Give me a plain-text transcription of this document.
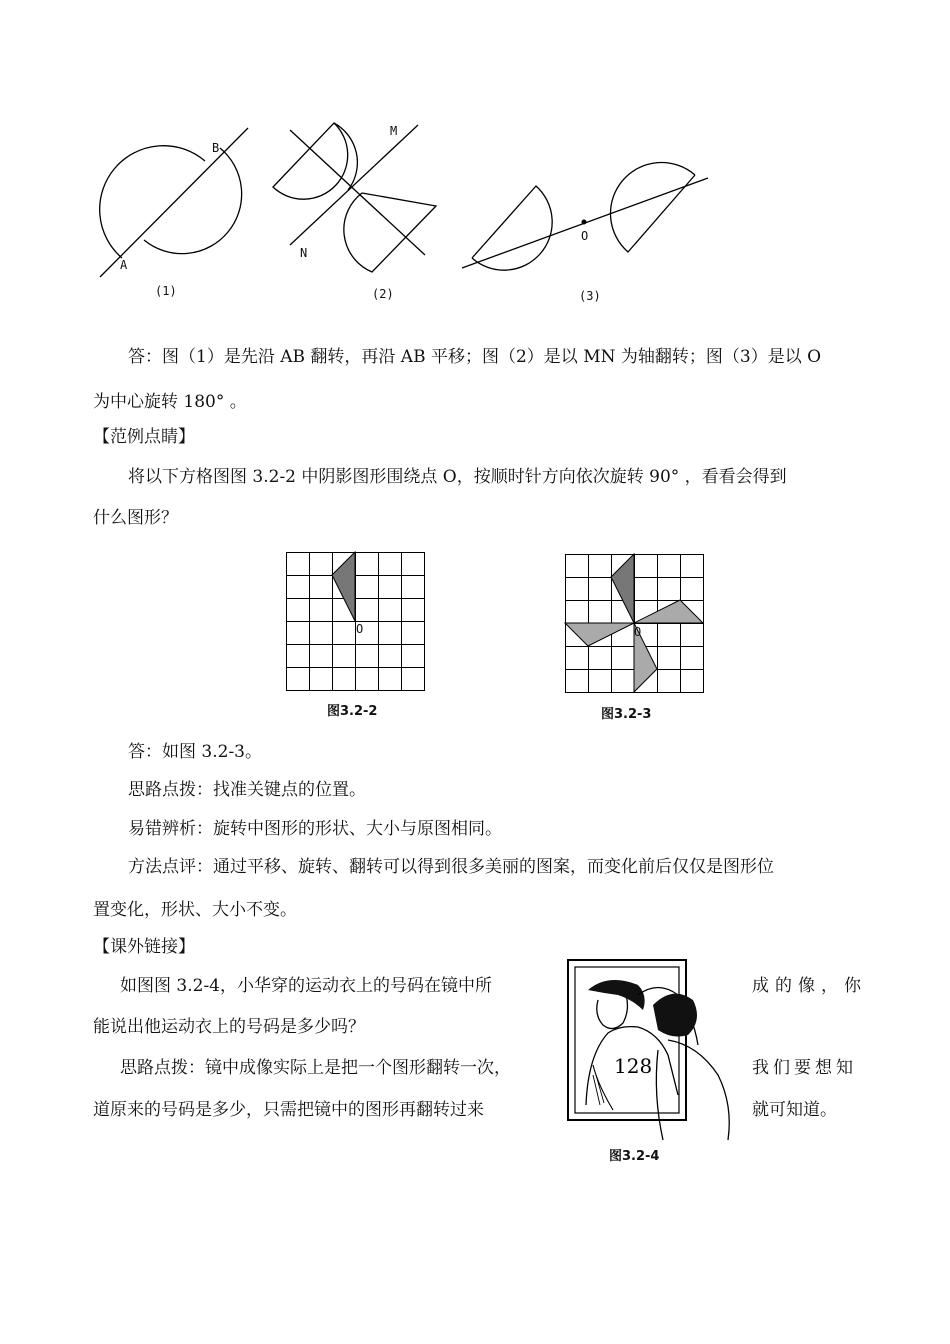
A
B
(1)
M
N
(2)
O
(3)
答：图（1）是先沿 AB 翻转，再沿 AB 平移；图（2）是以 MN 为轴翻转；图（3）是以 O
为中心旋转 180° 。
【范例点睛】
将以下方格图图 3.2-2 中阴影图形围绕点 O，按顺时针方向依次旋转 90° ，看看会得到
什么图形？
O
图3.2-2
O
图3.2-3
答：如图 3.2-3。
思路点拨：找准关键点的位置。
易错辨析：旋转中图形的形状、大小与原图相同。
方法点评：通过平移、旋转、翻转可以得到很多美丽的图案，而变化前后仅仅是图形位
置变化，形状、大小不变。
【课外链接】
如图图 3.2-4，小华穿的运动衣上的号码在镜中所	成的像，你
能说出他运动衣上的号码是多少吗？
思路点拨：镜中成像实际上是把一个图形翻转一次，	我们要想知
道原来的号码是多少，只需把镜中的图形再翻转过来	就可知道。
128
图3.2-4
